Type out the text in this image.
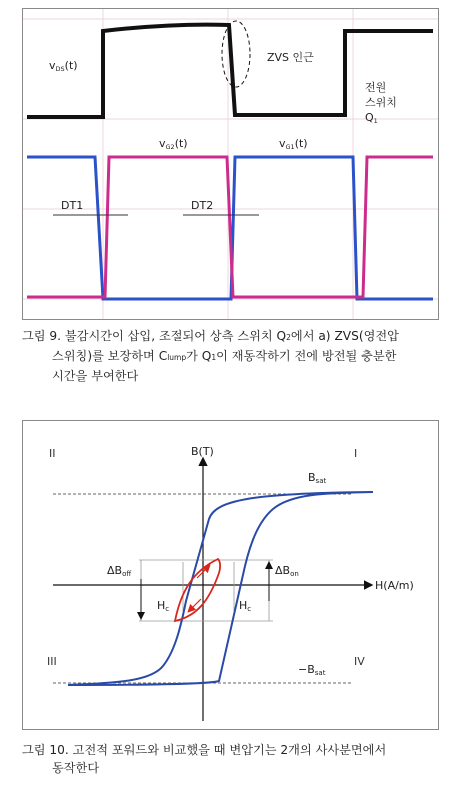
vDS(t)
ZVS 인근
전원
스위치
Q1
vG2(t)	vG1(t)
DT1	DT2

그림 9. 불감시간이 삽입, 조절되어 상측 스위치 Q2에서 a) ZVS(영전압
스위칭)를 보장하며 Clump가 Q1이 재동작하기 전에 방전될 충분한
시간을 부여한다

II	I
III	IV
B(T)
H(A/m)
Bsat
−Bsat
ΔBoff	ΔBon
Hc	Hc

그림 10. 고전적 포워드와 비교했을 때 변압기는 2개의 사사분면에서
동작한다
